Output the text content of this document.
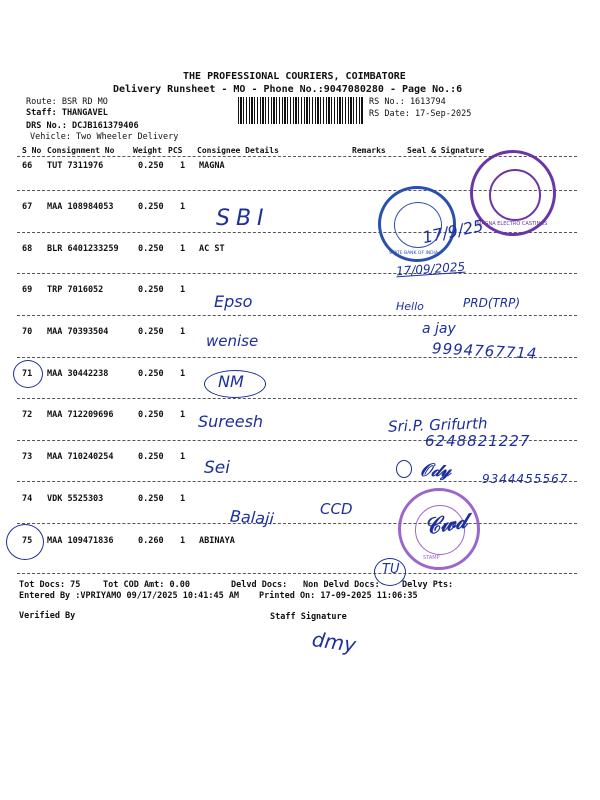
THE PROFESSIONAL COURIERS, COIMBATORE
Delivery Runsheet - MO - Phone No.:9047080280 - Page No.:6
Route: BSR RD MO
Staff: THANGAVEL
DRS No.: DCJB161379406
Vehicle: Two Wheeler Delivery
RS No.: 1613794
RS Date: 17-Sep-2025
S No Consignment No Weight PCS Consignee Details	Remarks	Seal & Signature
66 TUT 7311976	0.250 1 MAGNA
67 MAA 108984053	0.250 1
68 BLR 6401233259 0.250 1 AC ST
69 TRP 7016052	0.250 1
70 MAA 70393504	0.250 1
71 MAA 30442238	0.250 1
72 MAA 712209696	0.250 1
73 MAA 710240254	0.250 1
74 VDK 5525303	0.250 1
75 MAA 109471836	0.260 1 ABINAYA
MAGNA ELECTRO CASTINGS
STATE BANK OF INDIA
STAMP
SBI	17/9/25
17/09/2025
Epso	Hello	PRD(TRP)
a jay
9994767714
wenise
NM
Sureesh	Sri.P. Grifurth
6248821227
Sei	𝒪𝒹𝓎	9344455567
Balaji	CCD	𝒞𝓌𝒹
TU
Tot Docs: 75	Tot COD Amt: 0.00	Delvd Docs: Non Delvd Docs:	Delvy Pts:
Entered By :VPRIYAMO 09/17/2025 10:41:45 AM Printed On: 17-09-2025 11:06:35
Verified By	Staff Signature
dmy
